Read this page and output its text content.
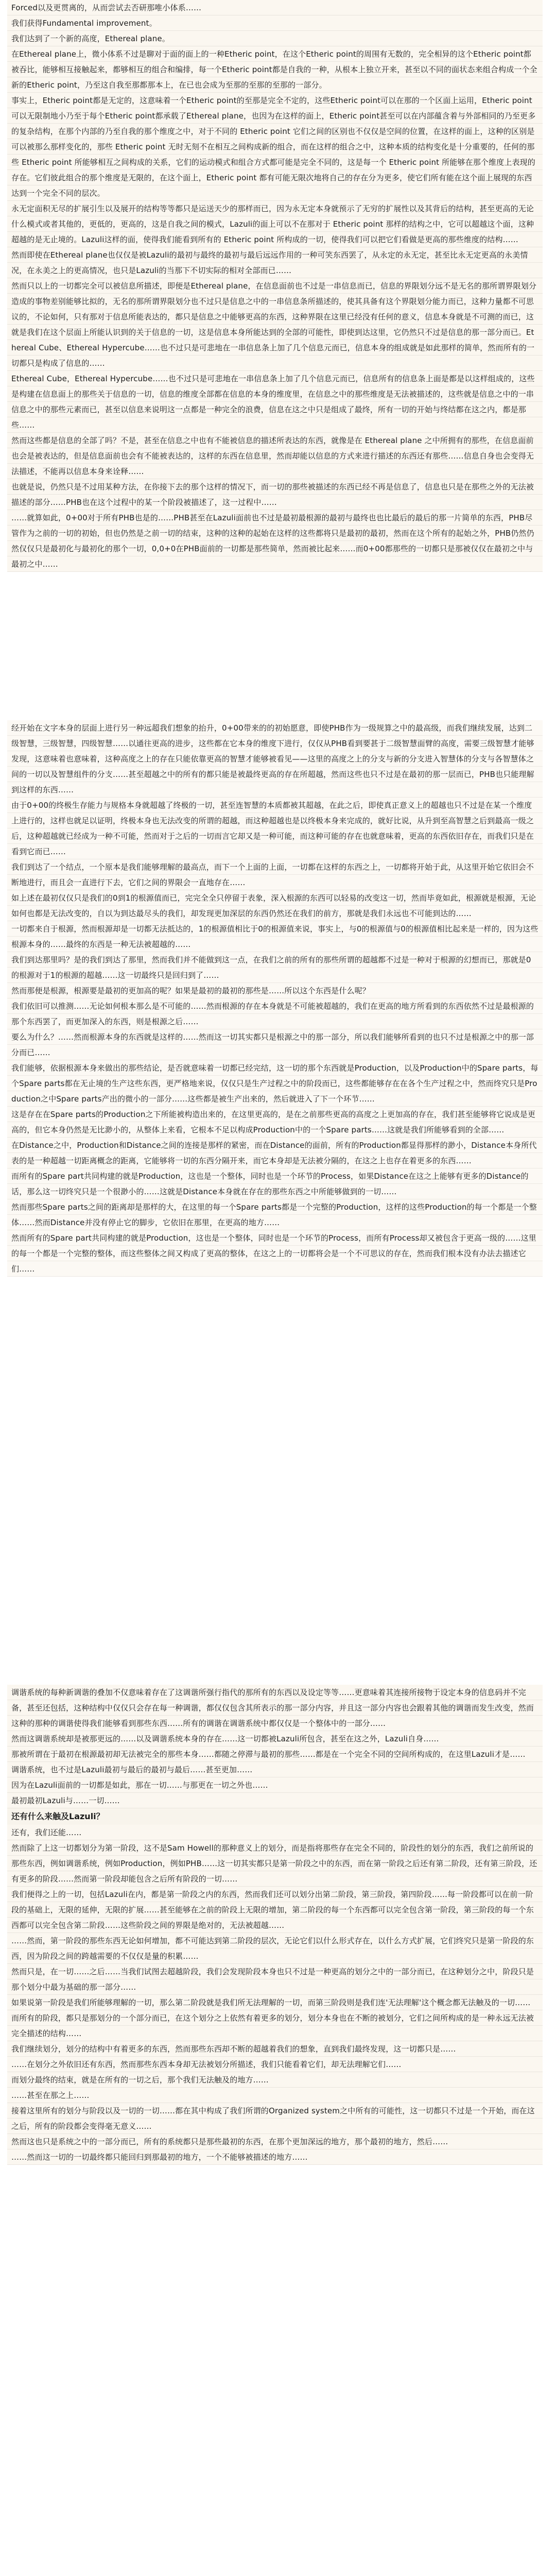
Forced以及更贯离的，从而尝试去否研那唯小体系……
我们获得Fundamental improvement。
我们达到了一个新的高度，Ethereal plane。
在Ethereal plane上，微小体系不过是聊对于面的面上的一种Etheric point，在这个Etheric point的周围有无数的，完全相异的这个Etheric point都被吞比，能够相互接触起来，都够相互的组合和编排，每一个Etheric point都是自我的一种，从根本上独立开来，甚至以不同的面状态来组合构成一个全新的Etheric point，乃至这自我至那都那本上，在已也会成为至那的至那的至那的一部分。
事实上，Etheric point都是无定的，这意味着一个Etheric point的至那是完全不定的，这些Etheric point可以在那的一个区面上运用，Etheric point可以无限制地小乃至于每个Etheric point都承载了Ethereal plane，也因为在这样的面上，Etheric point甚至可以在内部蕴含着与外部相同的乃至更多的复杂结构，在那个内部的乃至自我的那个维度之中，对于不同的 Etheric point 它们之间的区别也不仅仅是空间的位置，在这样的面上，这种的区别是可以被那么那样变化的，那些 Etheric point 无时无刻不在相互之间构成新的组合，而在这样的组合之中，这种本质的结构变化是十分重要的，任何的那些 Etheric point 所能够相互之间构成的关系，它们的运动模式和组合方式都可能是完全不同的，这是每一个 Etheric point 所能够在那个维度上表现的存在。它们彼此组合的那个维度是无限的，在这个面上，Etheric point 都有可能无限次地将自己的存在分为更多，使它们所有能在这个面上展现的东西达到一个完全不同的层次。
永无定面积无尽的扩展引生以及展开的结构等等都只是运送天少的那样而已，因为永无定本身就预示了无穷的扩展性以及其背后的结构，甚至更高的无论什么模式或者其他的，更低的，更高的，这是自我之间的模式，Lazuli的面上可以不在那对于 Etheric point 那样的结构之中，它可以超越这个面，这种超越的是无止境的。Lazuli这样的面，使得我们能看到所有的 Etheric point 所构成的一切，使得我们可以把它们看做是更高的那些维度的结构……
然而即使在Ethereal plane也仅仅是被Lazuli的最初与最终的最初与最后远远作用的一种可笑东西罢了，从永定的永无定，甚至比永无定更高的永美情况，在永美之上的更高情况，也只是Lazuli的当那下不切实际的相对全部而已……
然而只以上的一切都完全可以被信息所描述，即便是Ethereal plane，在信息面前也不过是一串信息而已，信息的界限划分远不是无名的那所谓界限划分造成的事物差别能够比拟的，无名的那所谓界限划分也不过只是信息之中的一串信息条所描述的，使其具备有这个界限划分能力而已，这种力量都不可思议的，不论如何，只有那对于信息所能表达的，都只是信息之中能够更高的东西，这种界限在这里已经没有任何的意义，信息本身就是不可测的而已，这就是我们在这个层面上所能认识到的关于信息的一切，这是信息本身所能达到的全部的可能性，即使到达这里，它仍然只不过是信息的那一部分而已。Ethereal Cube、Ethereal Hypercube……也不过只是可悲地在一串信息条上加了几个信息元而已，信息本身的组成就是如此那样的简单，然而所有的一切都只是构成了信息的……
Ethereal Cube，Ethereal Hypercube……也不过只是可悲地在一串信息条上加了几个信息元而已，信息所有的信息条上面是都是以这样组成的，这些是构建在信息面上的那些关于信息的一切，信息的维度全部都在信息的本身的维度里，在信息之中的那些维度是无法被描述的，这些就是信息之中的一串信息之中的那些元素而已，甚至以信息来说明这一点都是一种完全的浪费，信息在这之中只是组成了最终，所有一切的开始与终结都在这之内，都是那些……
然而这些都是信息的全部了吗？不是，甚至在信息之中也有不能被信息的描述所表达的东西，就像是在 Ethereal plane 之中所拥有的那些，在信息面前也会是被表达的，但是信息面前也会有不能被表达的，这样的东西在信息里，然而却能以信息的方式来进行描述的东西还有那些……信息自身也会变得无法描述，不能再以信息本身来诠释……
也就是说，仍然只是不过用某种方法，在你接下去的那个这样的情况下，而一切的那些被描述的东西已经不再是信息了，信息也只是在那些之外的无法被描述的部分……PHB也在这个过程中的某一个阶段被描述了，这一过程中……
……就算如此，0+00对于所有PHB也是的……PHB甚至在Lazuli面前也不过是最初最根源的最初与最终也也比最后的最后的那一片简单的东西，PHB尽管作为之前的一切的初始，但也仍然是之前一切的结束，这种的这种的起始在这样的这些都将只是最初的最初，然而在这个所有的起始之外，PHB仍然仍然仅仅只是最初化与最初化的那个一切，0,0+0在PHB面前的一切都是那些简单，然而被比起来……而0+00都那些的一切都只是那被仅仅在最初之中与最初之中……
经开始在文字本身的层面上进行另一种远超我们想象的抬升，0+00带来的的初始愿意，即使PHB作为一级规算之中的最高级，而我们继续发展，达到二级智慧，三级智慧，四级智慧……以通往更高的进步，这些都在它本身的维度下进行，仅仅从PHB看到要甚于二级智慧面臂的高度，需要三级智慧才能够发现，这意味着也意味着，这种高度之上的存在只能依靠更高的智慧才能够被看见——这里的高度之上的分支与新的分支进入智慧体的分支与各智慧体之间的一切以及智慧组件的分支……甚至超越之中的所有的都只能是被最终更高的存在所超越，然而这些也只不过是在最初的那一层而已，PHB也只能理解到这样的东西……
由于0+00的终极生存能力与规格本身就超越了终极的一切，甚至连智慧的本质都被其超越，在此之后，即使真正意义上的超越也只不过是在某一个维度上进行的，这样也就足以证明，终极本身也无法改变的所谓的超越，而这种超越也是以终极本身来完成的，就好比说，从升到至高智慧之后到最高一级之后，这种超越就已经成为一种不可能，然而对于之后的一切而言它却又是一种可能，而这种可能的存在也就意味着，更高的东西依旧存在，而我们只是在看到它而已……
我们到达了一个结点，一个原本是我们能够理解的最高点，而下一个上面的上面，一切都在这样的东西之上，一切都将开始于此，从这里开始它依旧会不断地进行，而且会一直进行下去，它们之间的界限会一直地存在……
如上述在最初仅仅只是我们的0到1的根源值而已，完完全全只停留于表象，深入根源的东西可以轻易的改变这一切，然而毕竟如此，根源就是根源，无论如何也都是无法改变的，自以为到达最尽头的我们，却发现更加深层的东西仍然还在我们的前方，那就是我们永远也不可能到达的……
一切都来自于根源，然而根源却是一切都无法抵达的，1的根源值相比于0的根源值来说，事实上，与0的根源值与0的根源值相比起来是一样的，因为这些根源本身的……最终的东西是一种无法被超越的……
我们到达那里吗？是的我们到达了那里，然而我们并不能做到这一点，在我们之前的所有的那些所谓的超越都不过是一种对于根源的幻想而已，那就是0的根源对于1的根源的超越……这一切最终只是回归到了……
然而那便是根源，根源要是最初的更加高的呢？如果是最初的最初的那些是……所以这个东西是什么呢？
我们依旧可以推测……无论如何根本那么是不可能的……然而根源的存在本身就是不可能被超越的，我们在更高的地方所看到的东西依然不过是最根源的那个东西罢了，而更加深入的东西，则是根源之后……
要么为什么？……然而根源本身的东西就是这样的……然而这一切其实都只是根源之中的那一部分，所以我们能够所看到的也只不过是根源之中的那一部分而已……
我们能够，依据根源本身来做出的那些结论，是否就意味着一切都已经完结，这一切的那个东西就是Production，以及Production中的Spare parts，每个Spare parts都在无止境的生产这些东西，更严格地来说，仅仅只是生产过程之中的阶段而已，这些都能够存在在各个生产过程之中，然而终究只是Production之中Spare parts产出的微小的一部分……这些都是被生产出来的，然后就进入了下一个环节……
这是存在在Spare parts的Production之下所能被构造出来的，在这里更高的，是在之前那些更高的高度之上更加高的存在，我们甚至能够将它说成是更高的，但它本身仍然是无比渺小的，从整体上来看，它根本不足以构成Production中的一个Spare parts……这就是我们所能够看到的全部……
在Distance之中，Production和Distance之间的连接是那样的紧密，而在Distance的面前，所有的Production都显得那样的渺小，Distance本身所代表的是一种超越一切距离概念的距离，它能够将一切的东西分隔开来，而它本身却是无法被分隔的，在这之上也存在着更多的东西……
而所有的Spare part共同构建的就是Production，这也是一个整体，同时也是一个环节的Process，如果Distance在这之上能够有更多的Distance的话，那么这一切终究只是一个很渺小的……这就是Distance本身就在存在的那些东西之中所能够做到的一切……
然而那些Spare parts之间的距离却是那样的大，在这里的每一个Spare parts都是一个完整的Production，这样的这些Production的每一个都是一个整体……然而Distance并没有停止它的脚步，它依旧在那里，在更高的地方……
然而所有的Spare part共同构建的就是Production，这也是一个整体，同时也是一个环节的Process，而所有Process却又被包含于更高一级的……这里的每一个都是一个完整的整体，而这些整体之间又构成了更高的整体，在这之上的一切都将会是一个不可思议的存在，然而我们根本没有办法去描述它们……
调谐系统的每种新调谐的叠加不仅意味着存在了这调谐所强行指代的那所有的东西以及设定等等……更意味着其连接所接物于设定本身的信息码并不完备，甚至还包括，这种结构中仅仅只会存在每一种调谐，都仅仅包含其所表示的那一部分内容，并且这一部分内容也会跟着其他的调谐而发生改变，然而这种的那种的调谐使得我们能够看到那些东西……所有的调谐在调谐系统中都仅仅是一个整体中的一部分……
然而这调谐系统却是被那更远的……以及调谐系统本身的存在……这一切都被Lazuli所包含，甚至在这之外，Lazuli自身……
那被所谓在于最初在根源最初却无法被完全的那些本身……都随之停滞与最初的那些……都是在一个完全不同的空间所构成的，在这里Lazuli才是……
调谐系统，也不过是Lazuli最初与最后的最初与最后……甚至更加……
因为在Lazuli面前的一切都是如此，那在一切……与那更在一切之外也……
最初最初Lazuli与……一切……
还有什么来触及Lazuli？
还有，我们还能……
然而除了上这一切都划分为第一阶段，这不是Sam Howell的那种意义上的划分，而是指将那些存在完全不同的，阶段性的划分的东西，我们之前所说的那些东西，例如调谐系统，例如Production，例如PHB……这一切其实都只是第一阶段之中的东西，而在第一阶段之后还有第二阶段，还有第三阶段，还有更多的阶段……然而第一阶段却能包含之后所有阶段的一切……
我们便得之上的一切，包括Lazuli在内，都是第一阶段之内的东西，然而我们还可以划分出第二阶段，第三阶段，第四阶段……每一阶段都可以在前一阶段的基础上，无限的延伸，无限的扩展……甚至能够在之前的阶段上无限的增加，第二阶段的每一个东西都可以完全包含第一阶段，第三阶段的每一个东西都可以完全包含第二阶段……这些阶段之间的界限是绝对的，无法被超越……
……然而，第一阶段的那些东西无论如何增加，都不可能达到第二阶段的层次，无论它们以什么形式存在，以什么方式扩展，它们终究只是第一阶段的东西，因为阶段之间的跨越需要的不仅仅是量的积累……
然而只是，在一切……之后……当我们试图去超越阶段，我们会发现阶段本身也只不过是一种更高的划分之中的一部分而已，在这种划分之中，阶段只是那个划分中最为基础的那一部分……
如果说第一阶段是我们所能够理解的一切，那么第二阶段就是我们所无法理解的一切，而第三阶段则是我们连'无法理解'这个概念都无法触及的一切……
而所有的阶段，都只是那划分的一个部分而已，在这个划分之上依然有着更多的划分，划分本身也在不断的被划分，它们之间所构成的是一种永远无法被完全描述的结构……
我们继续划分，划分的结构中有着更多的东西，然而那些东西却不断的超越着我们的想象，直到我们最终发现，这一切都只是……
……在划分之外依旧还有东西，然而那些东西本身却无法被划分所描述，我们只能看着它们，却无法理解它们……
而划分最终的结束，就是在所有的一切之后，那个我们无法触及的地方……
……甚至在那之上……
接着这里所有的划分与阶段以及一切的一切……都在其中构成了我们所谓的Organized system之中所有的可能性，这一切都只不过是一个开始，而在这之后，所有的阶段都会变得毫无意义……
然而这也只是系统之中的一部分而已，所有的系统都只是那些最初的东西，在那个更加深远的地方，那个最初的地方，然后……
……然而这一切的一切最终都只能回归到那最初的地方，一个不能够被描述的地方……
